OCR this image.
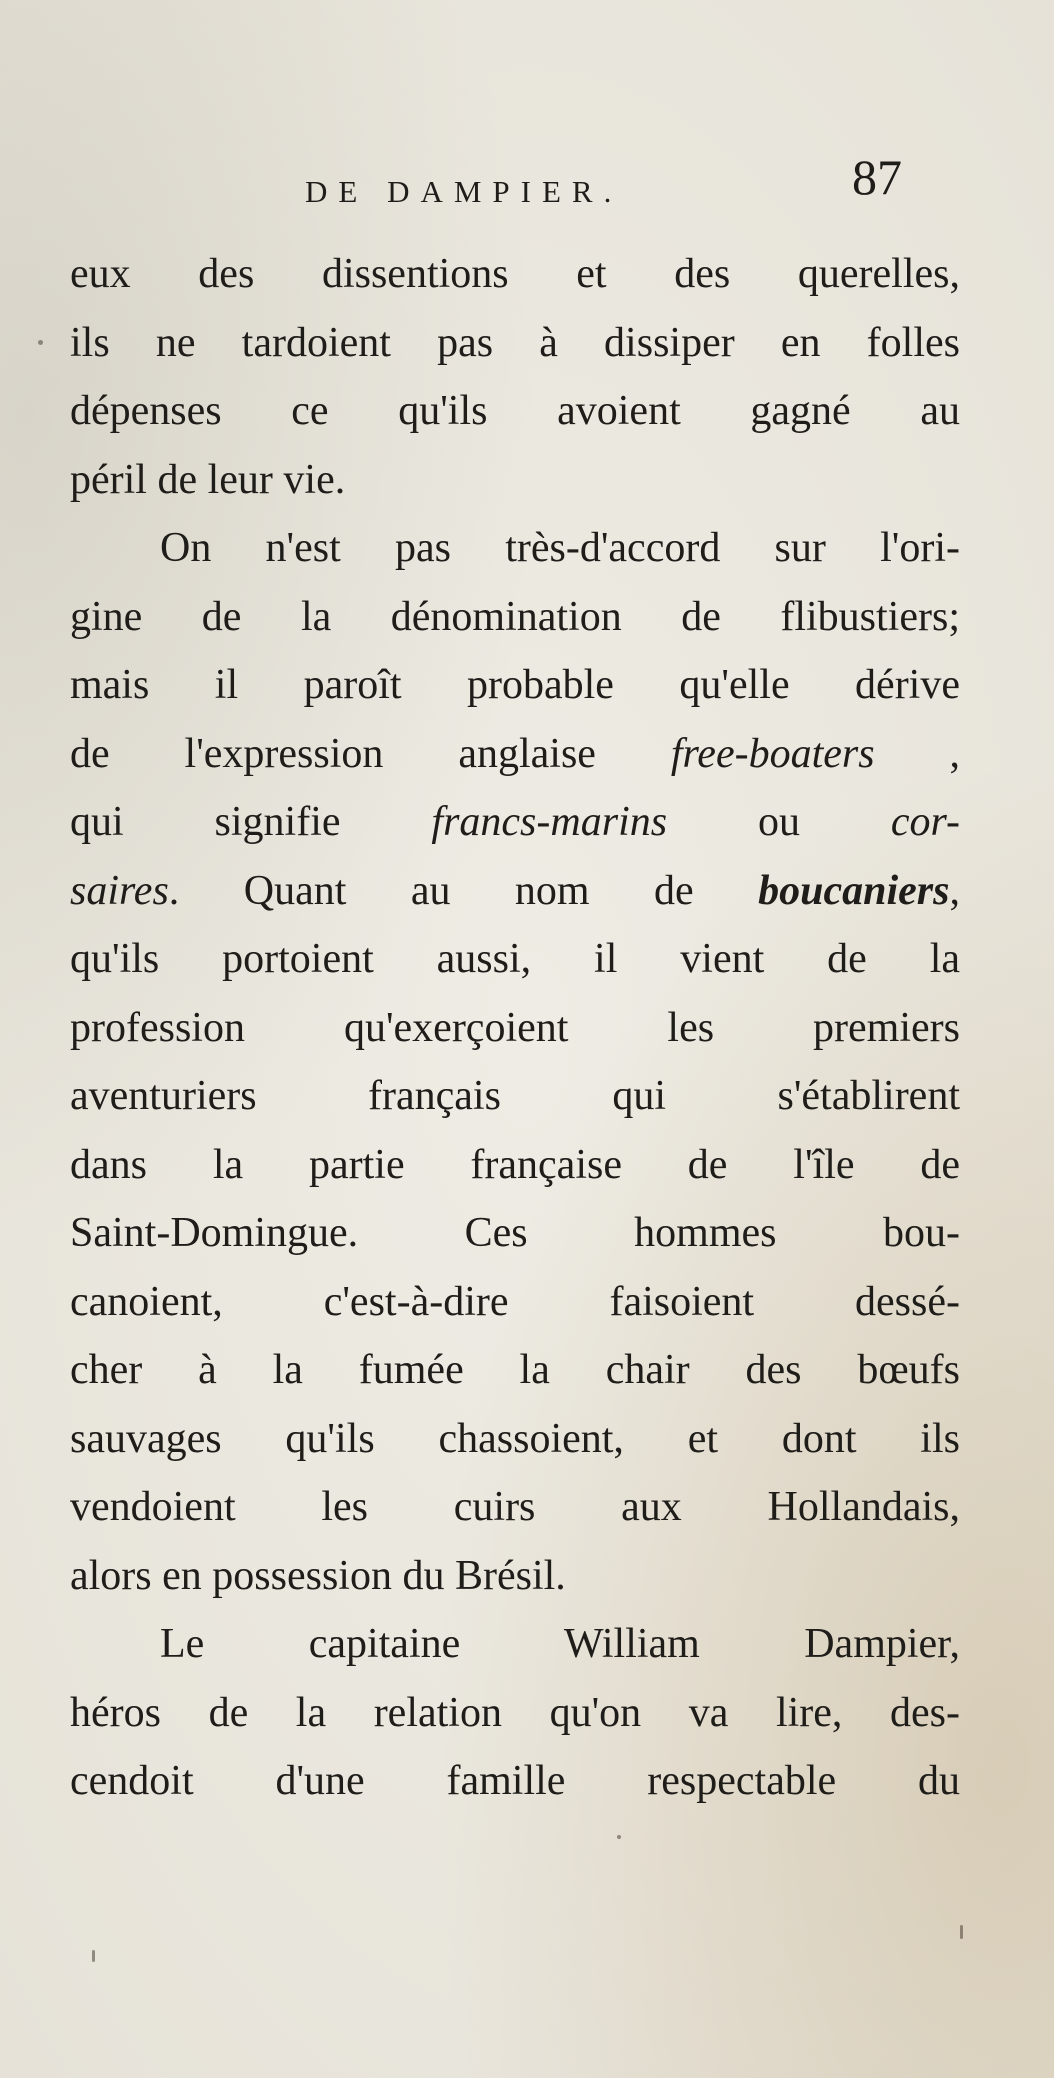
DE DAMPIER.	87
eux des dissentions et des querelles,
ils ne tardoient pas à dissiper en folles
dépenses ce qu'ils avoient gagné au
péril de leur vie.
On n'est pas très-d'accord sur l'ori-
gine de la dénomination de flibustiers;
mais il paroît probable qu'elle dérive
de l'expression anglaise free-boaters ,
qui signifie francs-marins ou cor-
saires. Quant au nom de boucaniers,
qu'ils portoient aussi, il vient de la
profession qu'exerçoient les premiers
aventuriers français qui s'établirent
dans la partie française de l'île de
Saint-Domingue. Ces hommes bou-
canoient, c'est-à-dire faisoient dessé-
cher à la fumée la chair des bœufs
sauvages qu'ils chassoient, et dont ils
vendoient les cuirs aux Hollandais,
alors en possession du Brésil.
Le capitaine William Dampier,
héros de la relation qu'on va lire, des-
cendoit d'une famille respectable du
